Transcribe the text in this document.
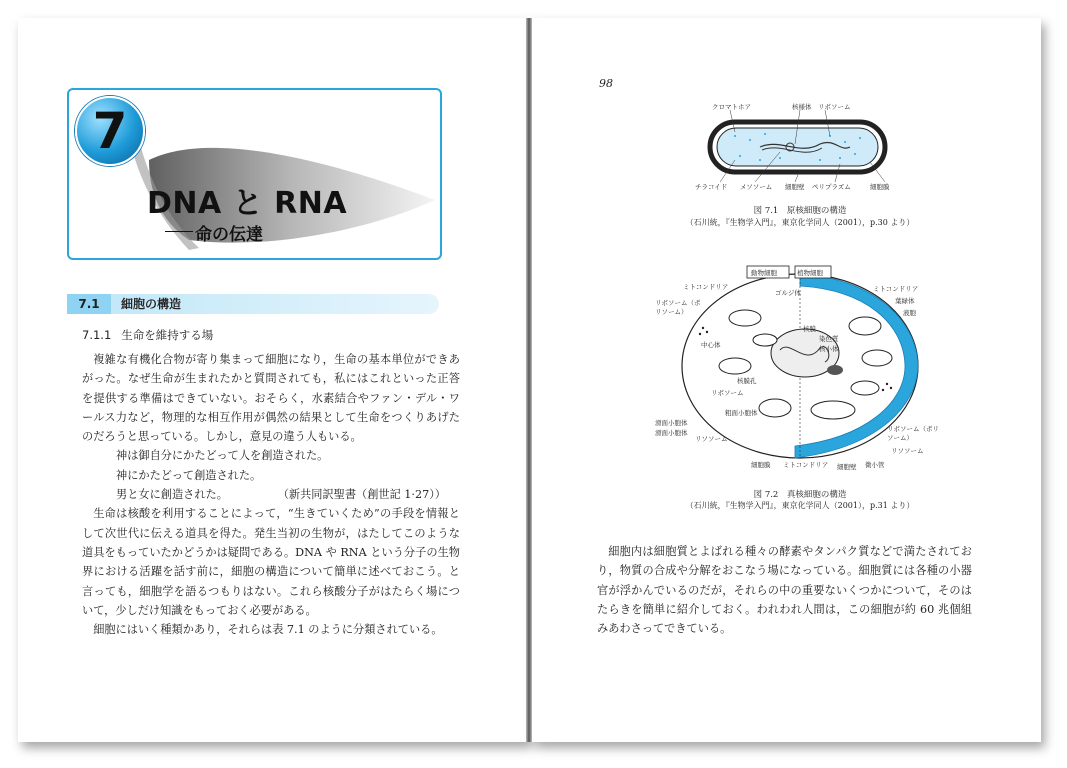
7
DNA と RNA
命の伝達
7.1	細胞の構造
7.1.1 生命を維持する場

複雑な有機化合物が寄り集まって細胞になり，生命の基本単位ができあがった。なぜ生命が生まれたかと質問されても，私にはこれといった正答を提供する準備はできていない。おそらく，水素結合やファン・デル・ワールス力など，物理的な相互作用が偶然の結果として生命をつくりあげたのだろうと思っている。しかし，意見の違う人もいる。

神は御自分にかたどって人を創造された。

神にかたどって創造された。

男と女に創造された。	（新共同訳聖書（創世記 1·27））

生命は核酸を利用することによって，“生きていくため”の手段を情報として次世代に伝える道具を得た。発生当初の生物が，はたしてこのような道具をもっていたかどうかは疑問である。DNA や RNA という分子の生物界における活躍を話す前に，細胞の構造について簡単に述べておこう。と言っても，細胞学を語るつもりはない。これら核酸分子がはたらく場について，少しだけ知識をもっておく必要がある。

細胞にはいく種類かあり，それらは表 7.1 のように分類されている。

98
クロマトホア	核様体 リボソーム
チラコイド メソソーム 細胞壁 ペリプラズム	細胞膜
図 7.1　原核細胞の構造
（石川統，『生物学入門』，東京化学同人（2001），p.30 より）
動物細胞	植物細胞
ミトコンドリア
ゴルジ体
滑面小胞体
ミトコンドリア
葉緑体
液胞
リボソーム（ポリソーム）
中心体
核膜
染色質
核小体
核膜孔
リボソーム
粗面小胞体
滑面小胞体
リソソーム
リボソーム（ポリソーム）
リソソーム
細胞膜 ミトコンドリア 細胞壁 微小管
図 7.2　真核細胞の構造
（石川統，『生物学入門』，東京化学同人（2001），p.31 より）

細胞内は細胞質とよばれる種々の酵素やタンパク質などで満たされており，物質の合成や分解をおこなう場になっている。細胞質には各種の小器官が浮かんでいるのだが，それらの中の重要ないくつかについて，そのはたらきを簡単に紹介しておく。われわれ人間は，この細胞が約 60 兆個組みあわさってできている。
